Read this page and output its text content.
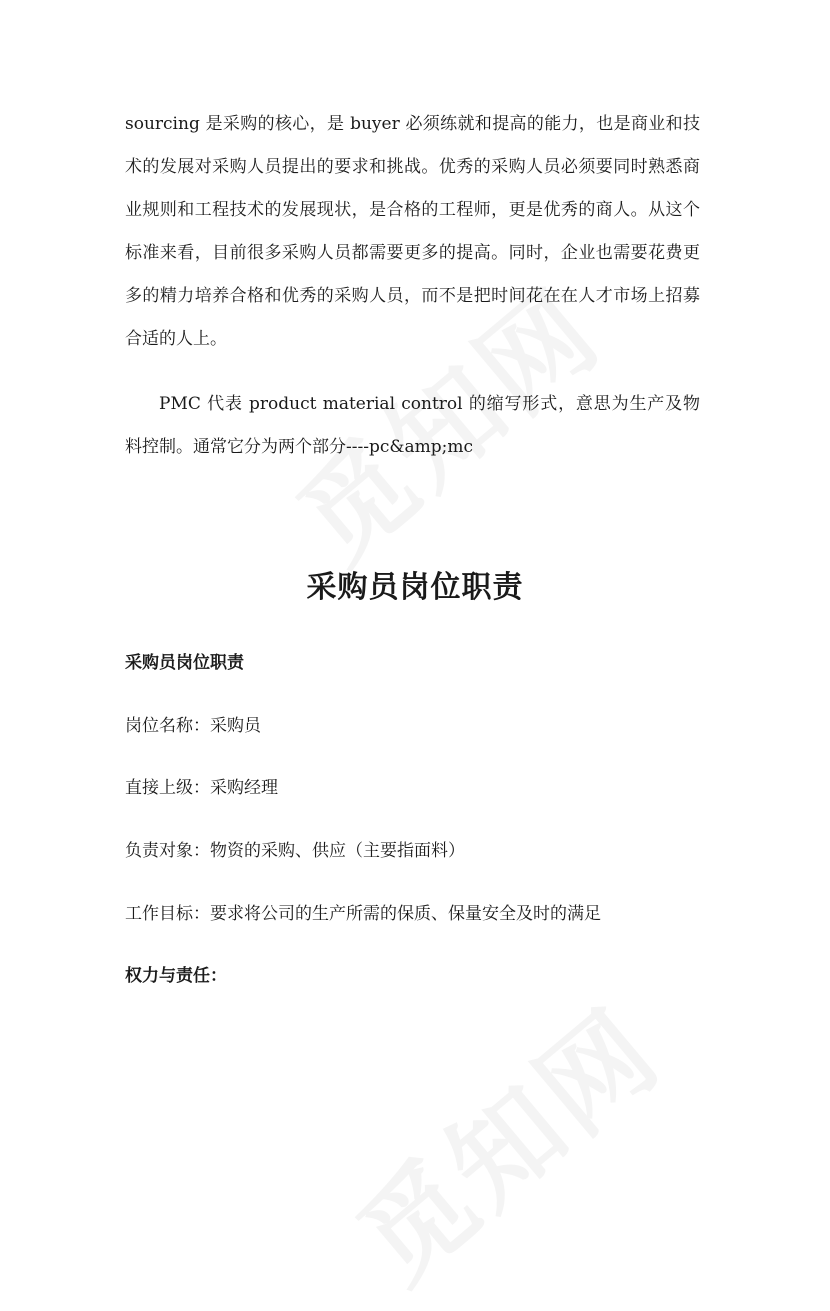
sourcing 是采购的核心，是 buyer 必须练就和提高的能力，也是商业和技术的发展对采购人员提出的要求和挑战。优秀的采购人员必须要同时熟悉商业规则和工程技术的发展现状，是合格的工程师，更是优秀的商人。从这个标准来看，目前很多采购人员都需要更多的提高。同时，企业也需要花费更多的精力培养合格和优秀的采购人员，而不是把时间花在在人才市场上招募合适的人上。

PMC 代表 product material control 的缩写形式，意思为生产及物料控制。通常它分为两个部分----pc&amp;mc

采购员岗位职责

采购员岗位职责

岗位名称：采购员

直接上级：采购经理

负责对象：物资的采购、供应（主要指面料）

工作目标：要求将公司的生产所需的保质、保量安全及时的满足

权力与责任：
